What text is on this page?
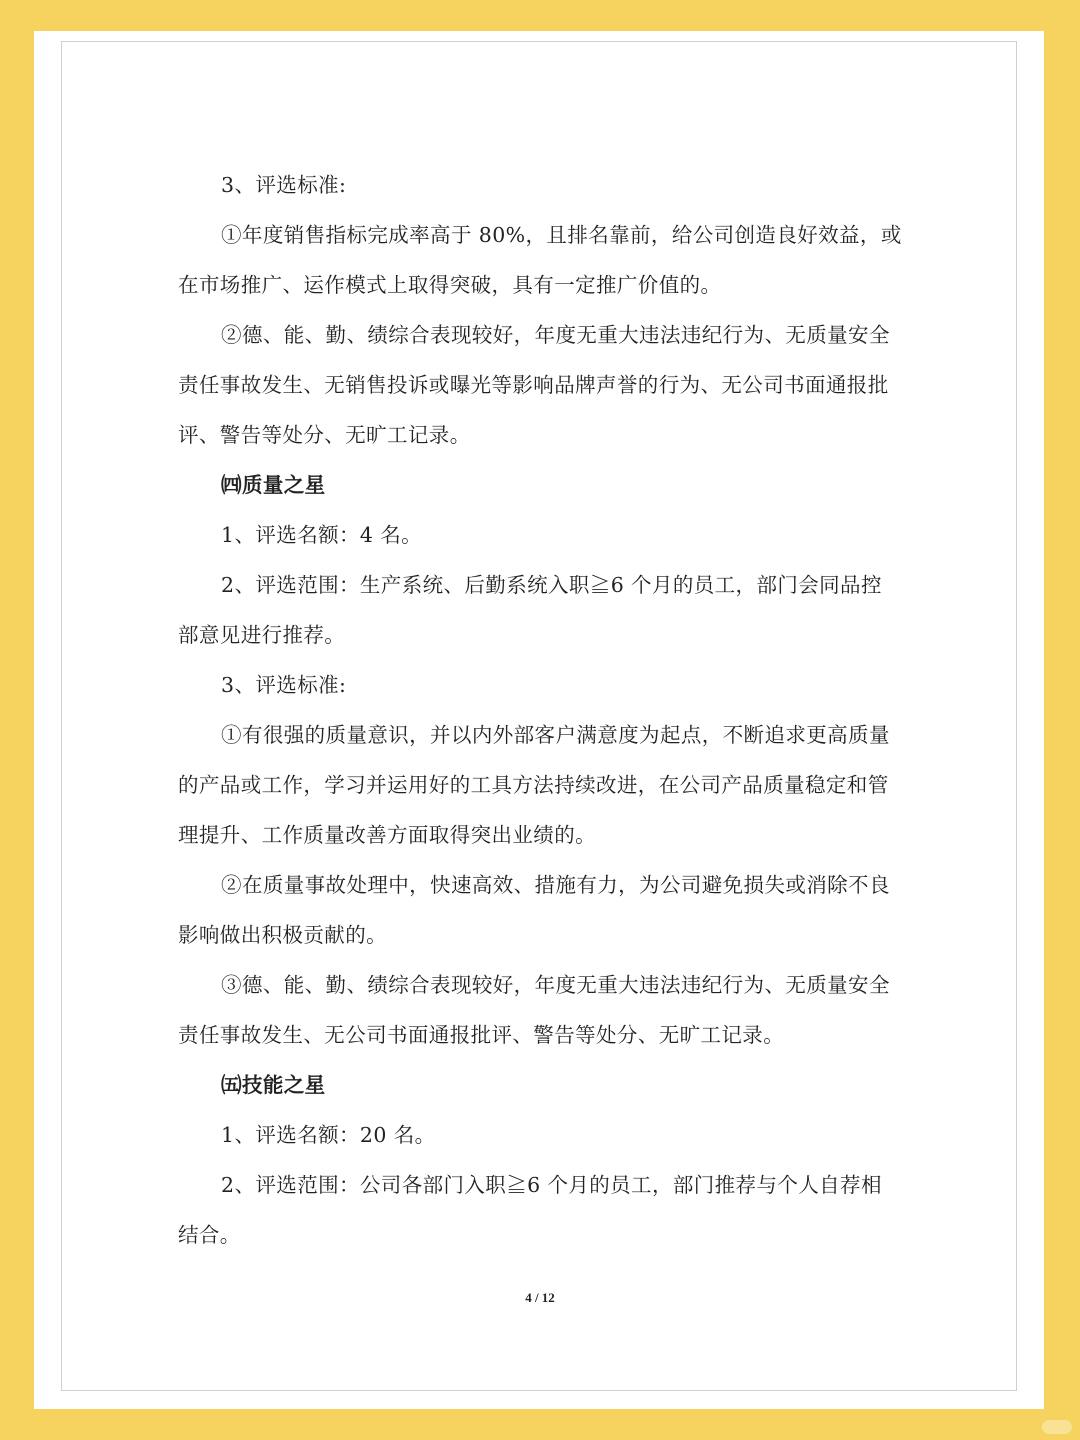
3、评选标准:

①年度销售指标完成率高于 80%，且排名靠前，给公司创造良好效益，或在市场推广、运作模式上取得突破，具有一定推广价值的。

②德、能、勤、绩综合表现较好，年度无重大违法违纪行为、无质量安全责任事故发生、无销售投诉或曝光等影响品牌声誉的行为、无公司书面通报批评、警告等处分、无旷工记录。

㈣质量之星

1、评选名额：4 名。

2、评选范围：生产系统、后勤系统入职≧6 个月的员工，部门会同品控部意见进行推荐。

3、评选标准:

①有很强的质量意识，并以内外部客户满意度为起点，不断追求更高质量的产品或工作，学习并运用好的工具方法持续改进，在公司产品质量稳定和管理提升、工作质量改善方面取得突出业绩的。

②在质量事故处理中，快速高效、措施有力，为公司避免损失或消除不良影响做出积极贡献的。

③德、能、勤、绩综合表现较好，年度无重大违法违纪行为、无质量安全责任事故发生、无公司书面通报批评、警告等处分、无旷工记录。

㈤技能之星

1、评选名额：20 名。

2、评选范围：公司各部门入职≧6 个月的员工，部门推荐与个人自荐相结合。

4 / 12
